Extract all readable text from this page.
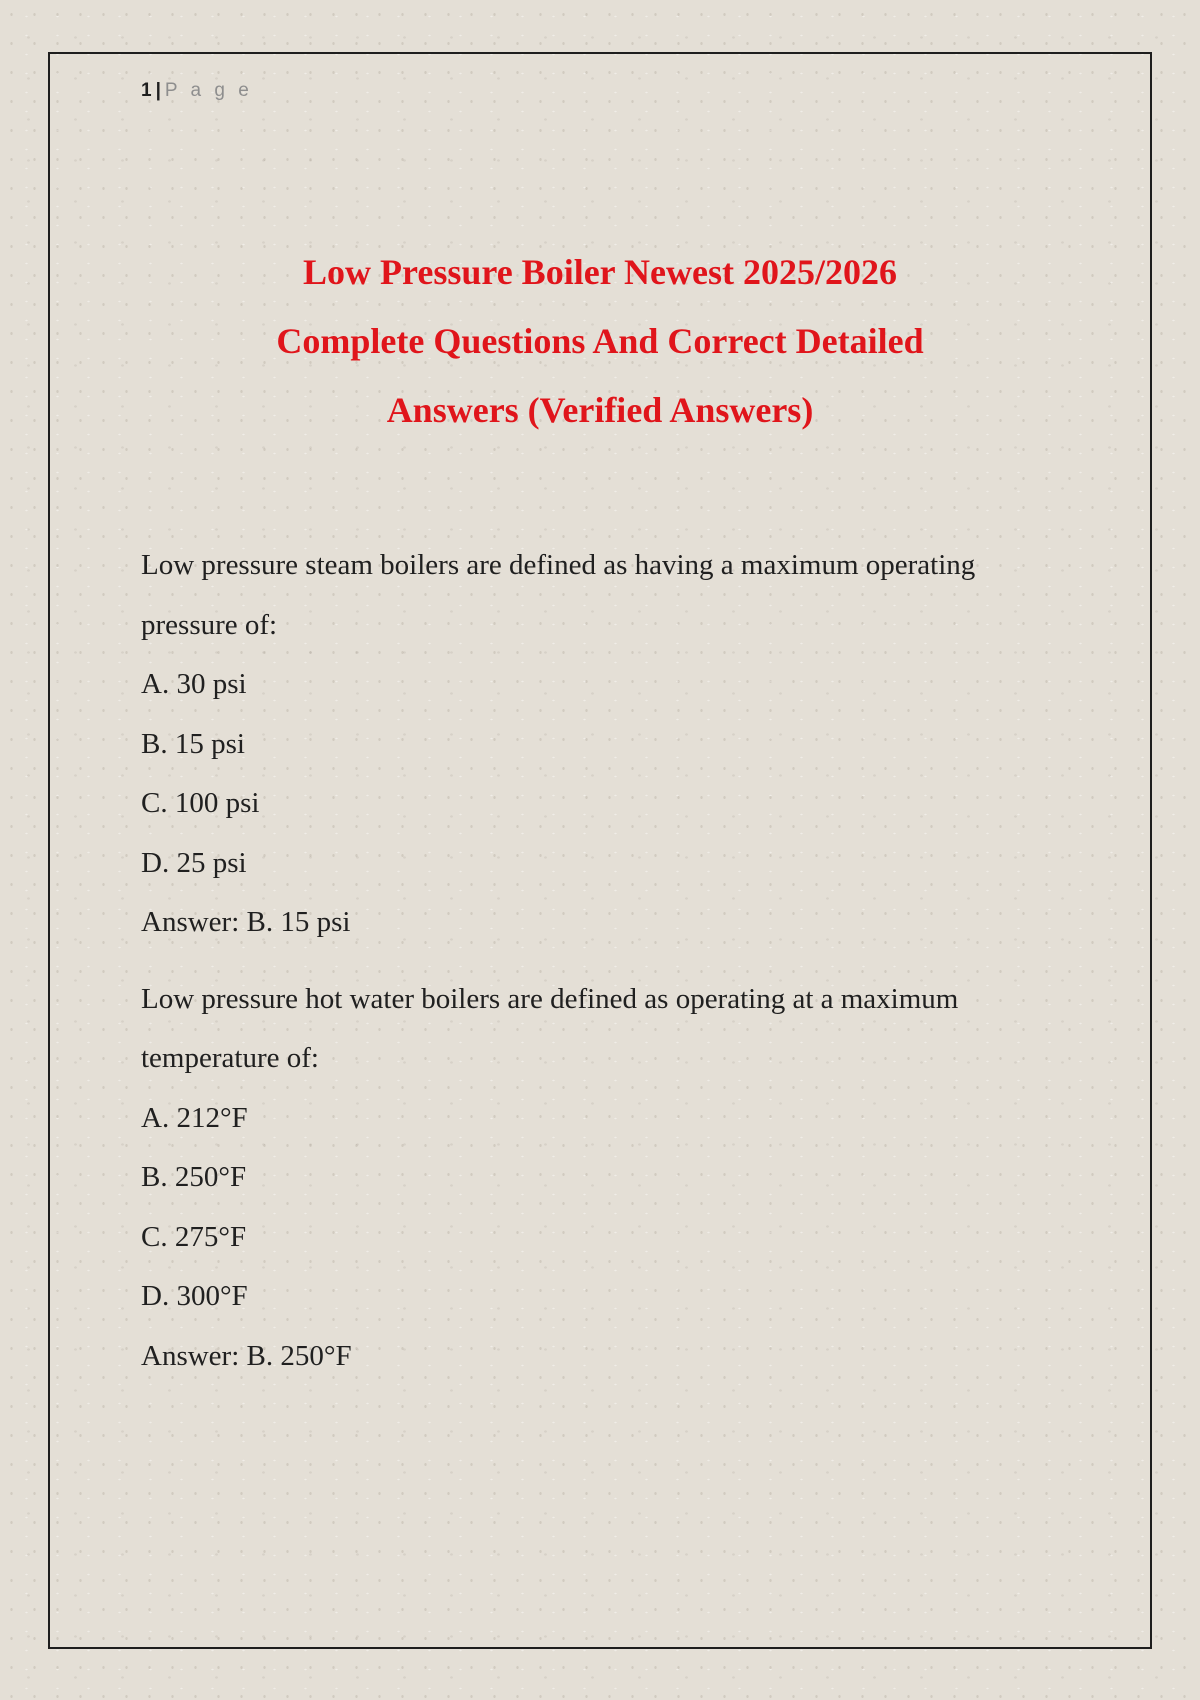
1 | P a g e
Low Pressure Boiler Newest 2025/2026
Complete Questions And Correct Detailed
Answers (Verified Answers)

Low pressure steam boilers are defined as having a maximum operating

pressure of:

A. 30 psi

B. 15 psi

C. 100 psi

D. 25 psi

Answer: B. 15 psi

Low pressure hot water boilers are defined as operating at a maximum

temperature of:

A. 212°F

B. 250°F

C. 275°F

D. 300°F

Answer: B. 250°F
